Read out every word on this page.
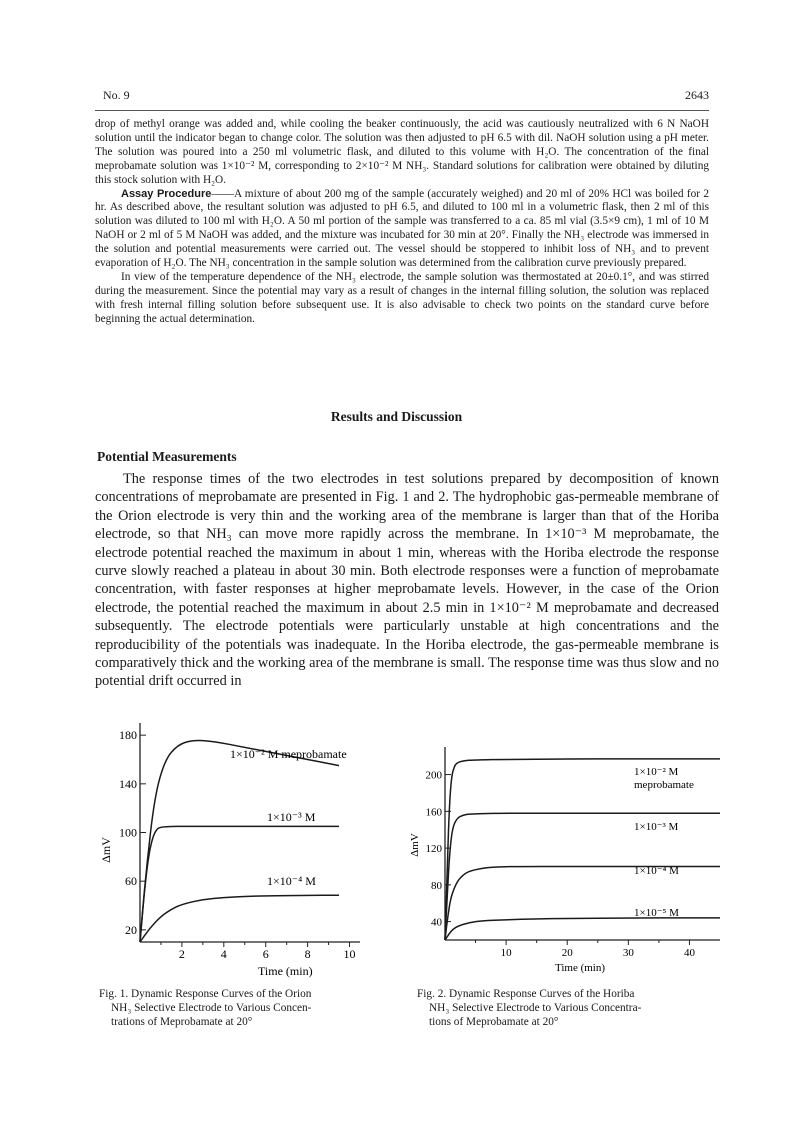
No. 9	2643

drop of methyl orange was added and, while cooling the beaker continuously, the acid was cautiously neutralized with 6 N NaOH solution until the indicator began to change color. The solution was then adjusted to pH 6.5 with dil. NaOH solution using a pH meter. The solution was poured into a 250 ml volumetric flask, and diluted to this volume with H₂O. The concentration of the final meprobamate solution was 1×10⁻² M, corresponding to 2×10⁻² M NH₃. Standard solutions for calibration were obtained by diluting this stock solution with H₂O.

Assay Procedure——A mixture of about 200 mg of the sample (accurately weighed) and 20 ml of 20% HCl was boiled for 2 hr. As described above, the resultant solution was adjusted to pH 6.5, and diluted to 100 ml in a volumetric flask, then 2 ml of this solution was diluted to 100 ml with H₂O. A 50 ml portion of the sample was transferred to a ca. 85 ml vial (3.5×9 cm), 1 ml of 10 M NaOH or 2 ml of 5 M NaOH was added, and the mixture was incubated for 30 min at 20°. Finally the NH₃ electrode was immersed in the solution and potential measurements were carried out. The vessel should be stoppered to inhibit loss of NH₃ and to prevent evaporation of H₂O. The NH₃ concentration in the sample solution was determined from the calibration curve previously prepared.

In view of the temperature dependence of the NH₃ electrode, the sample solution was thermostated at 20±0.1°, and was stirred during the measurement. Since the potential may vary as a result of changes in the internal filling solution, the solution was replaced with fresh internal filling solution before subsequent use. It is also advisable to check two points on the standard curve before beginning the actual determination.

Results and Discussion
Potential Measurements

The response times of the two electrodes in test solutions prepared by decomposition of known concentrations of meprobamate are presented in Fig. 1 and 2. The hydrophobic gas-permeable membrane of the Orion electrode is very thin and the working area of the membrane is larger than that of the Horiba electrode, so that NH₃ can move more rapidly across the membrane. In 1×10⁻³ M meprobamate, the electrode potential reached the maximum in about 1 min, whereas with the Horiba electrode the response curve slowly reached a plateau in about 30 min. Both electrode responses were a function of meprobamate concentration, with faster responses at higher meprobamate levels. However, in the case of the Orion electrode, the potential reached the maximum in about 2.5 min in 1×10⁻² M meprobamate and decreased subsequently. The electrode potentials were particularly unstable at high concentrations and the reproducibility of the potentials was inadequate. In the Horiba electrode, the gas-permeable membrane is comparatively thick and the working area of the membrane is small. The response time was thus slow and no potential drift occurred in

2	4	6	8	10
20
60
100
140
180
1×10⁻² M meprobamate
1×10⁻³ M
1×10⁻⁴ M
Time (min)
ΔmV
Fig. 1. Dynamic Response Curves of the Orion
NH₃ Selective Electrode to Various Concen-
trations of Meprobamate at 20°
10	20	30	40
40
80
120
160
200	1×10⁻² M
meprobamate
1×10⁻³ M
1×10⁻⁴ M
1×10⁻⁵ M
Time (min)
ΔmV
Fig. 2. Dynamic Response Curves of the Horiba
NH₃ Selective Electrode to Various Concentra-
tions of Meprobamate at 20°
